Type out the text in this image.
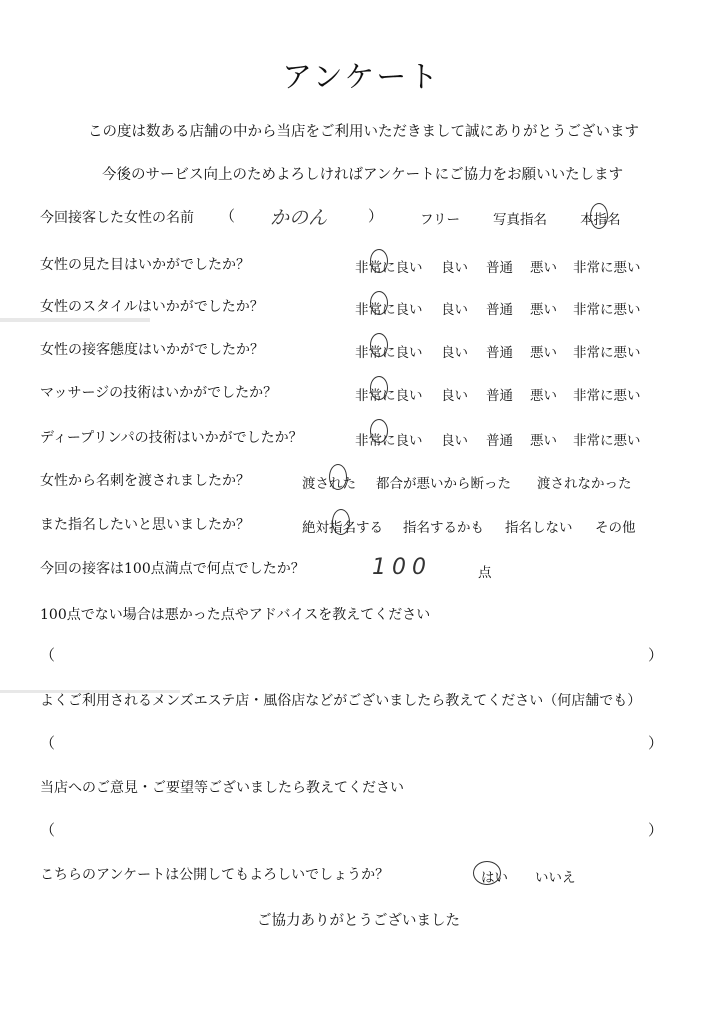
アンケート
この度は数ある店舗の中から当店をご利用いただきまして誠にありがとうございます
今後のサービス向上のためよろしければアンケートにご協力をお願いいたします
今回接客した女性の名前 （ かのん	）	フリー 写真指名 本指名
女性の見た目はいかがでしたか？	非常に良い 良い 普通 悪い 非常に悪い
女性のスタイルはいかがでしたか？	非常に良い 良い 普通 悪い 非常に悪い
女性の接客態度はいかがでしたか？	非常に良い 良い 普通 悪い 非常に悪い
マッサージの技術はいかがでしたか？	非常に良い 良い 普通 悪い 非常に悪い
ディープリンパの技術はいかがでしたか？	非常に良い 良い 普通 悪い 非常に悪い
女性から名刺を渡されましたか？	渡された 都合が悪いから断った 渡されなかった
また指名したいと思いましたか？	絶対指名する 指名するかも 指名しない その他
今回の接客は100点満点で何点でしたか？	100	点
100点でない場合は悪かった点やアドバイスを教えてください
（	）
よくご利用されるメンズエステ店・風俗店などがございましたら教えてください（何店舗でも）
（	）
当店へのご意見・ご要望等ございましたら教えてください
（	）
こちらのアンケートは公開してもよろしいでしょうか？	はい いいえ
ご協力ありがとうございました
